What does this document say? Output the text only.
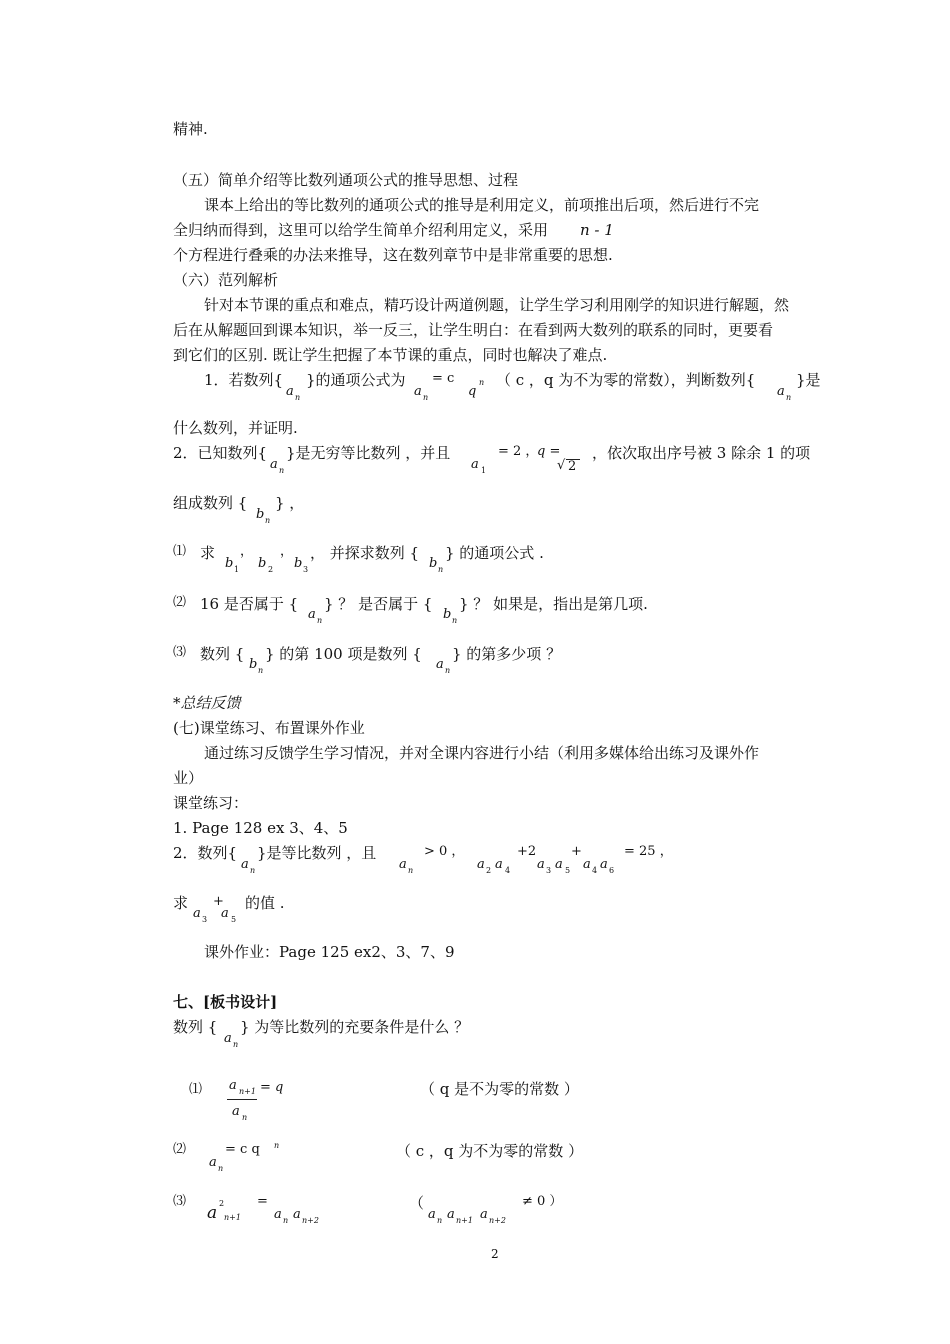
精神.
（五）简单介绍等比数列通项公式的推导思想、过程
课本上给出的等比数列的通项公式的推导是利用定义，前项推出后项，然后进行不完
全归纳而得到，这里可以给学生简单介绍利用定义，采用 n - 1
个方程进行叠乘的办法来推导，这在数列章节中是非常重要的思想.
（六）范列解析
针对本节课的重点和难点，精巧设计两道例题，让学生学习利用刚学的知识进行解题，然
后在从解题回到课本知识，举一反三，让学生明白：在看到两大数列的联系的同时，更要看
到它们的区别. 既让学生把握了本节课的重点，同时也解决了难点.
1．若数列{
a n
}的通项公式为
a n
= c
q
n （ c ，q 为不为零的常数），判断数列{
a n
}是
什么数列，并证明.
2．已知数列{
a n
}是无穷等比数列 ，并且
a 1
= 2 ，
q =
√ 2
，依次取出序号被 3 除余 1 的项
组成数列 {
b n
} ，
⑴ 求
b 1
，
b 2
，
b 3
， 并探求数列 {
b n
} 的通项公式 .
⑵ 16 是否属于 {
a n
} ？ 是否属于 {
b n
} ？ 如果是，指出是第几项.
⑶ 数列 {
b n
} 的第 100 项是数列 {
a n
} 的第多少项 ？
*总结反馈
(七)课堂练习、布置课外作业
通过练习反馈学生学习情况，并对全课内容进行小结（利用多媒体给出练习及课外作
业）
课堂练习：
1. Page 128 ex 3、4、5
2．数列{
a n
}是等比数列 ，且
a n
> 0 ，
a 2 a 4
+2
a 3 a 5
+
a 4 a 6
= 25 ，
求
a 3
+
a 5
的值 .
课外作业：Page 125 ex2、3、7、9
七、[板书设计]
数列 {
a n
} 为等比数列的充要条件是什么 ？
⑴ a n+1
a n
= q	（ q 是不为零的常数 ）
⑵
a n
= c q n	（ c ，q 为不为零的常数 ）
⑶
a 2
n+1
=
a n a n+2
（
a n a n+1 a n+2
≠ 0 ）
2
